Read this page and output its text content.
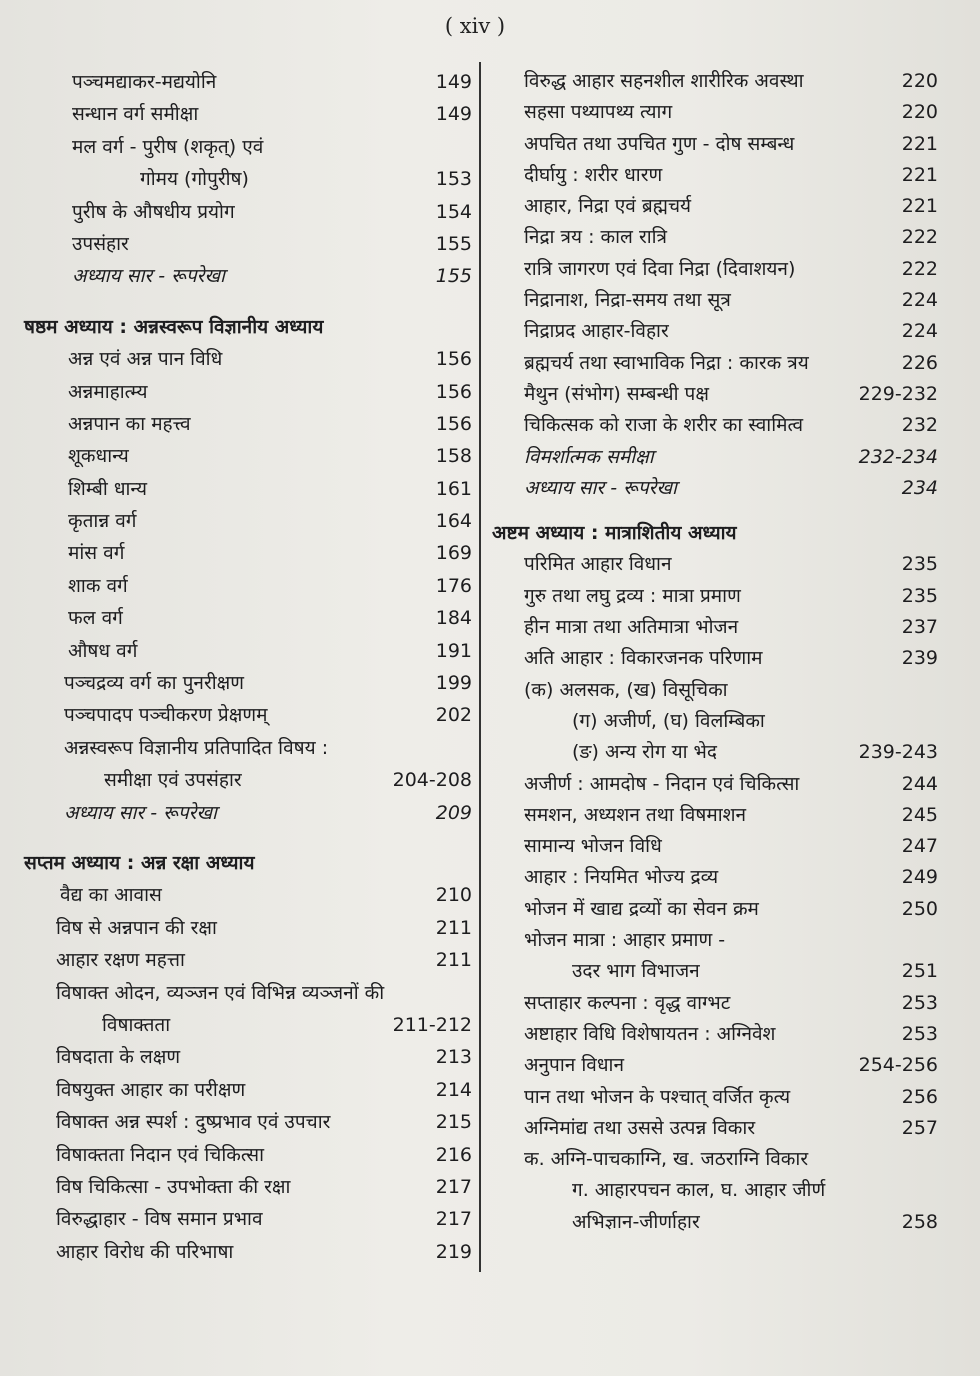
( xiv )
पञ्चमद्याकर-मद्ययोनि	149
सन्धान वर्ग समीक्षा	149
मल वर्ग - पुरीष (शकृत्) एवं
गोमय (गोपुरीष)	153
पुरीष के औषधीय प्रयोग	154
उपसंहार	155
अध्याय सार - रूपरेखा	155
षष्ठम अध्याय : अन्नस्वरूप विज्ञानीय अध्याय
अन्न एवं अन्न पान विधि	156
अन्नमाहात्म्य	156
अन्नपान का महत्त्व	156
शूकधान्य	158
शिम्बी धान्य	161
कृतान्न वर्ग	164
मांस वर्ग	169
शाक वर्ग	176
फल वर्ग	184
औषध वर्ग	191
पञ्चद्रव्य वर्ग का पुनरीक्षण	199
पञ्चपादप पञ्चीकरण प्रेक्षणम्	202
अन्नस्वरूप विज्ञानीय प्रतिपादित विषय :
समीक्षा एवं उपसंहार	204-208
अध्याय सार - रूपरेखा	209
सप्तम अध्याय : अन्न रक्षा अध्याय
वैद्य का आवास	210
विष से अन्नपान की रक्षा	211
आहार रक्षण महत्ता	211
विषाक्त ओदन, व्यञ्जन एवं विभिन्न व्यञ्जनों की
विषाक्तता	211-212
विषदाता के लक्षण	213
विषयुक्त आहार का परीक्षण	214
विषाक्त अन्न स्पर्श : दुष्प्रभाव एवं उपचार	215
विषाक्तता निदान एवं चिकित्सा	216
विष चिकित्सा - उपभोक्ता की रक्षा	217
विरुद्धाहार - विष समान प्रभाव	217
आहार विरोध की परिभाषा	219
विरुद्ध आहार सहनशील शारीरिक अवस्था	220
सहसा पथ्यापथ्य त्याग	220
अपचित तथा उपचित गुण - दोष सम्बन्ध	221
दीर्घायु : शरीर धारण	221
आहार, निद्रा एवं ब्रह्मचर्य	221
निद्रा त्रय : काल रात्रि	222
रात्रि जागरण एवं दिवा निद्रा (दिवाशयन)	222
निद्रानाश, निद्रा-समय तथा सूत्र	224
निद्राप्रद आहार-विहार	224
ब्रह्मचर्य तथा स्वाभाविक निद्रा : कारक त्रय	226
मैथुन (संभोग) सम्बन्धी पक्ष	229-232
चिकित्सक को राजा के शरीर का स्वामित्व	232
विमर्शात्मक समीक्षा	232-234
अध्याय सार - रूपरेखा	234
अष्टम अध्याय : मात्राशितीय अध्याय
परिमित आहार विधान	235
गुरु तथा लघु द्रव्य : मात्रा प्रमाण	235
हीन मात्रा तथा अतिमात्रा भोजन	237
अति आहार : विकारजनक परिणाम	239
(क) अलसक, (ख) विसूचिका
(ग) अजीर्ण, (घ) विलम्बिका
(ङ) अन्य रोग या भेद	239-243
अजीर्ण : आमदोष - निदान एवं चिकित्सा	244
समशन, अध्यशन तथा विषमाशन	245
सामान्य भोजन विधि	247
आहार : नियमित भोज्य द्रव्य	249
भोजन में खाद्य द्रव्यों का सेवन क्रम	250
भोजन मात्रा : आहार प्रमाण -
उदर भाग विभाजन	251
सप्ताहार कल्पना : वृद्ध वाग्भट	253
अष्टाहार विधि विशेषायतन : अग्निवेश	253
अनुपान विधान	254-256
पान तथा भोजन के पश्चात् वर्जित कृत्य	256
अग्निमांद्य तथा उससे उत्पन्न विकार	257
क. अग्नि-पाचकाग्नि, ख. जठराग्नि विकार
ग. आहारपचन काल, घ. आहार जीर्ण
अभिज्ञान-जीर्णाहार	258
